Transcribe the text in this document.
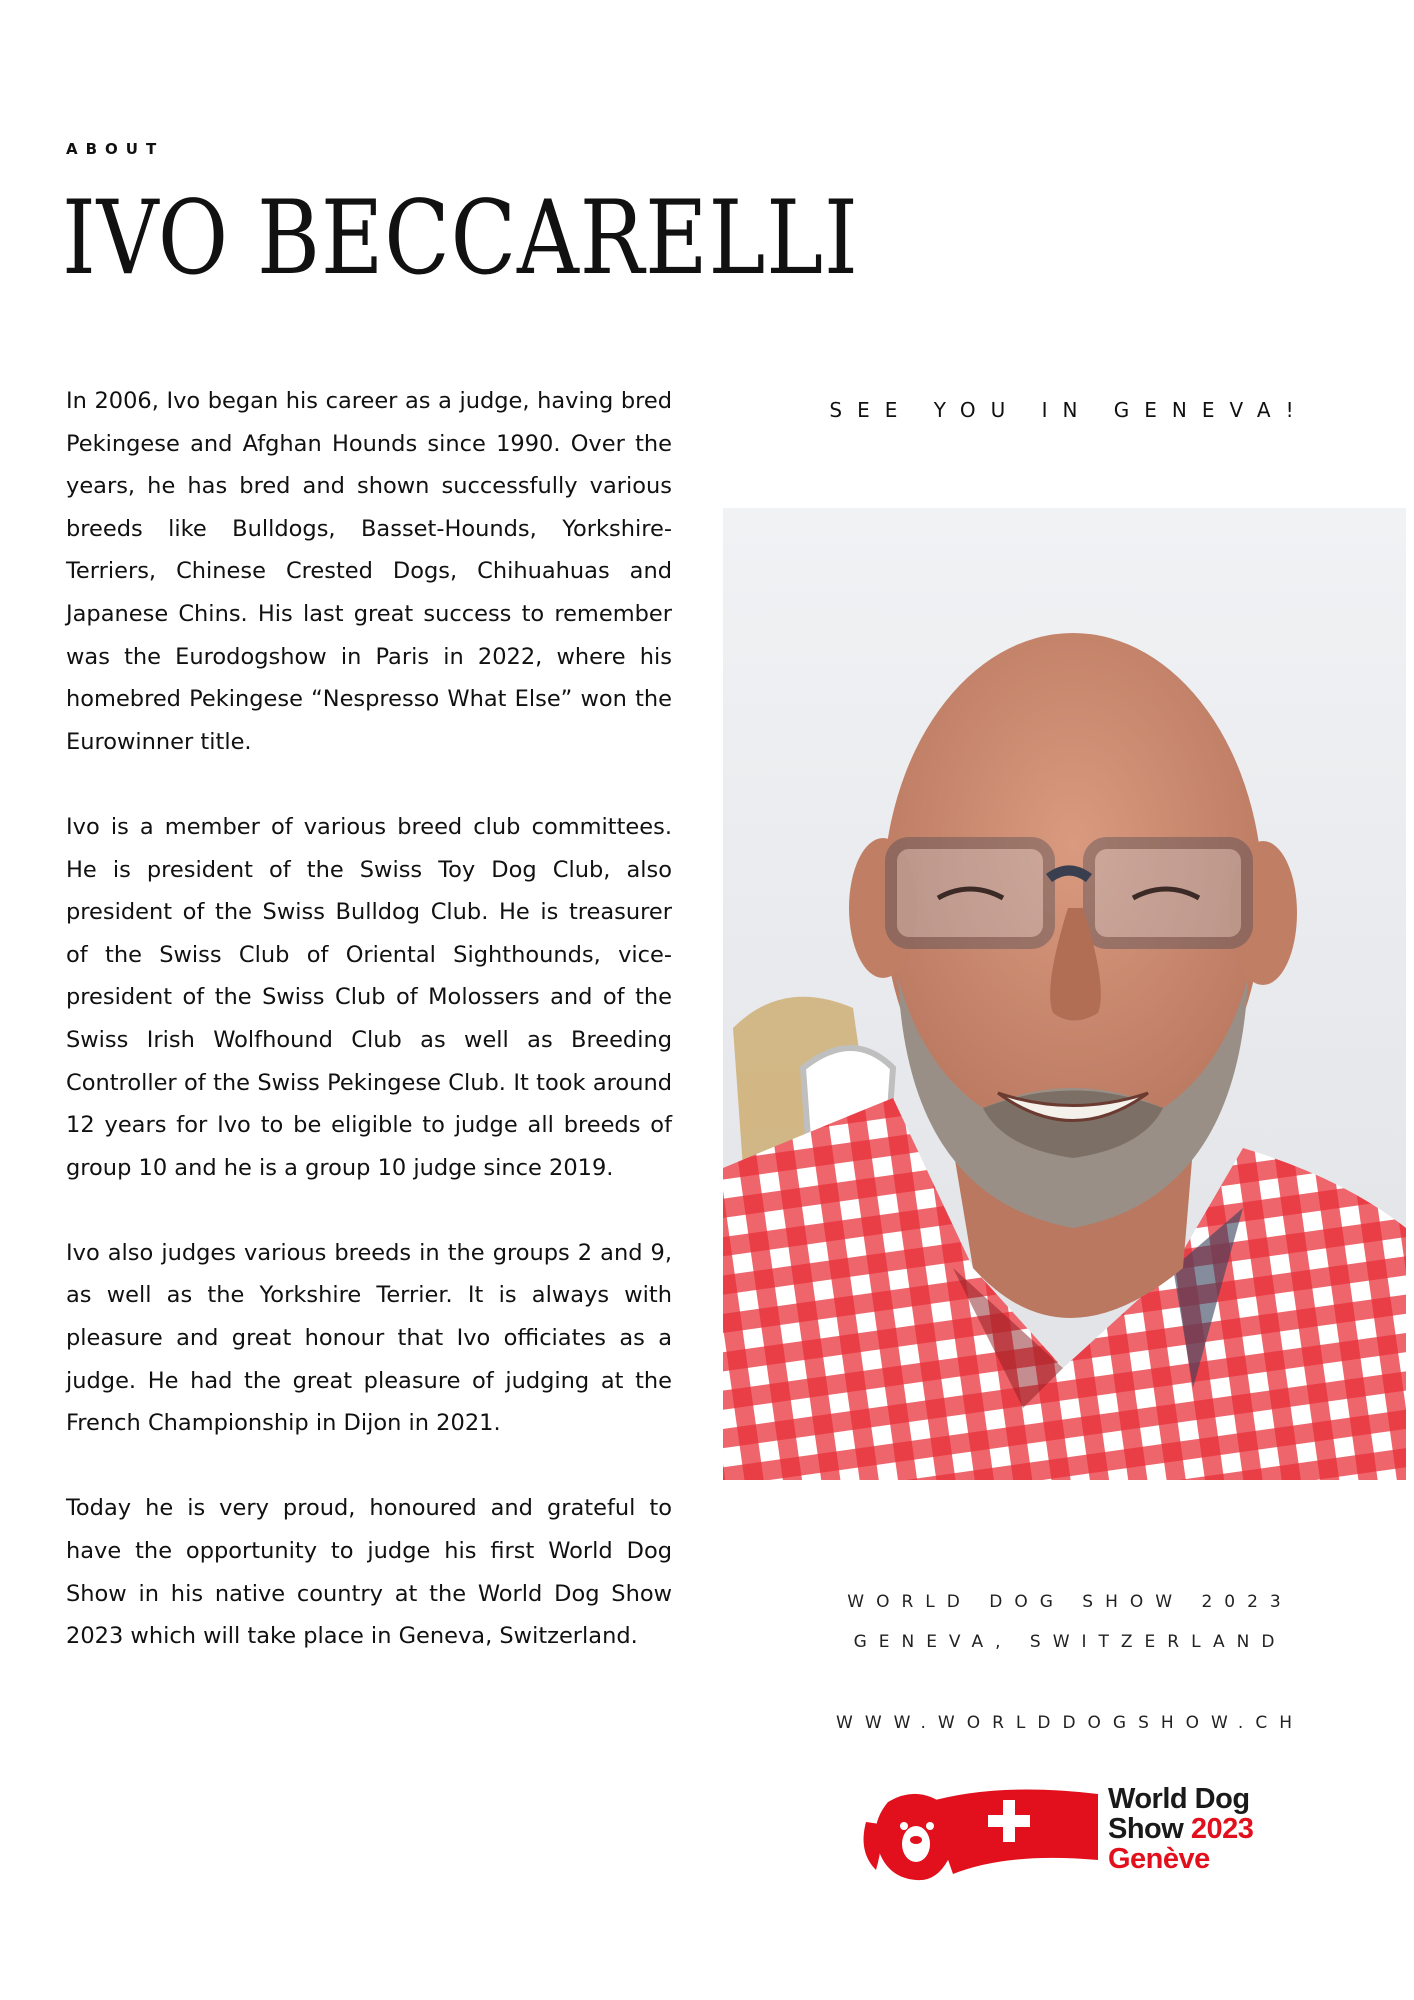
ABOUT
IVO BECCARELLI

In 2006, Ivo began his career as a judge, having bred Pekingese and Afghan Hounds since 1990. Over the years, he has bred and shown successfully various breeds like Bulldogs, Basset-Hounds, Yorkshire-Terriers, Chinese Crested Dogs, Chihuahuas and Japanese Chins. His last great success to remember was the Eurodogshow in Paris in 2022, where his homebred Pekingese “Nespresso What Else” won the Eurowinner title.

Ivo is a member of various breed club committees. He is president of the Swiss Toy Dog Club, also president of the Swiss Bulldog Club. He is treasurer of the Swiss Club of Oriental Sighthounds, vice-president of the Swiss Club of Molossers and of the Swiss Irish Wolfhound Club as well as Breeding Controller of the Swiss Pekingese Club. It took around 12 years for Ivo to be eligible to judge all breeds of group 10 and he is a group 10 judge since 2019.

Ivo also judges various breeds in the groups 2 and 9, as well as the Yorkshire Terrier. It is always with pleasure and great honour that Ivo officiates as a judge. He had the great pleasure of judging at the French Championship in Dijon in 2021.

Today he is very proud, honoured and grateful to have the opportunity to judge his first World Dog Show in his native country at the World Dog Show 2023 which will take place in Geneva, Switzerland.

SEE YOU IN GENEVA!
WORLD DOG SHOW 2023
GENEVA, SWITZERLAND
WWW.WORLDDOGSHOW.CH
World Dog
Show 2023
Genève
